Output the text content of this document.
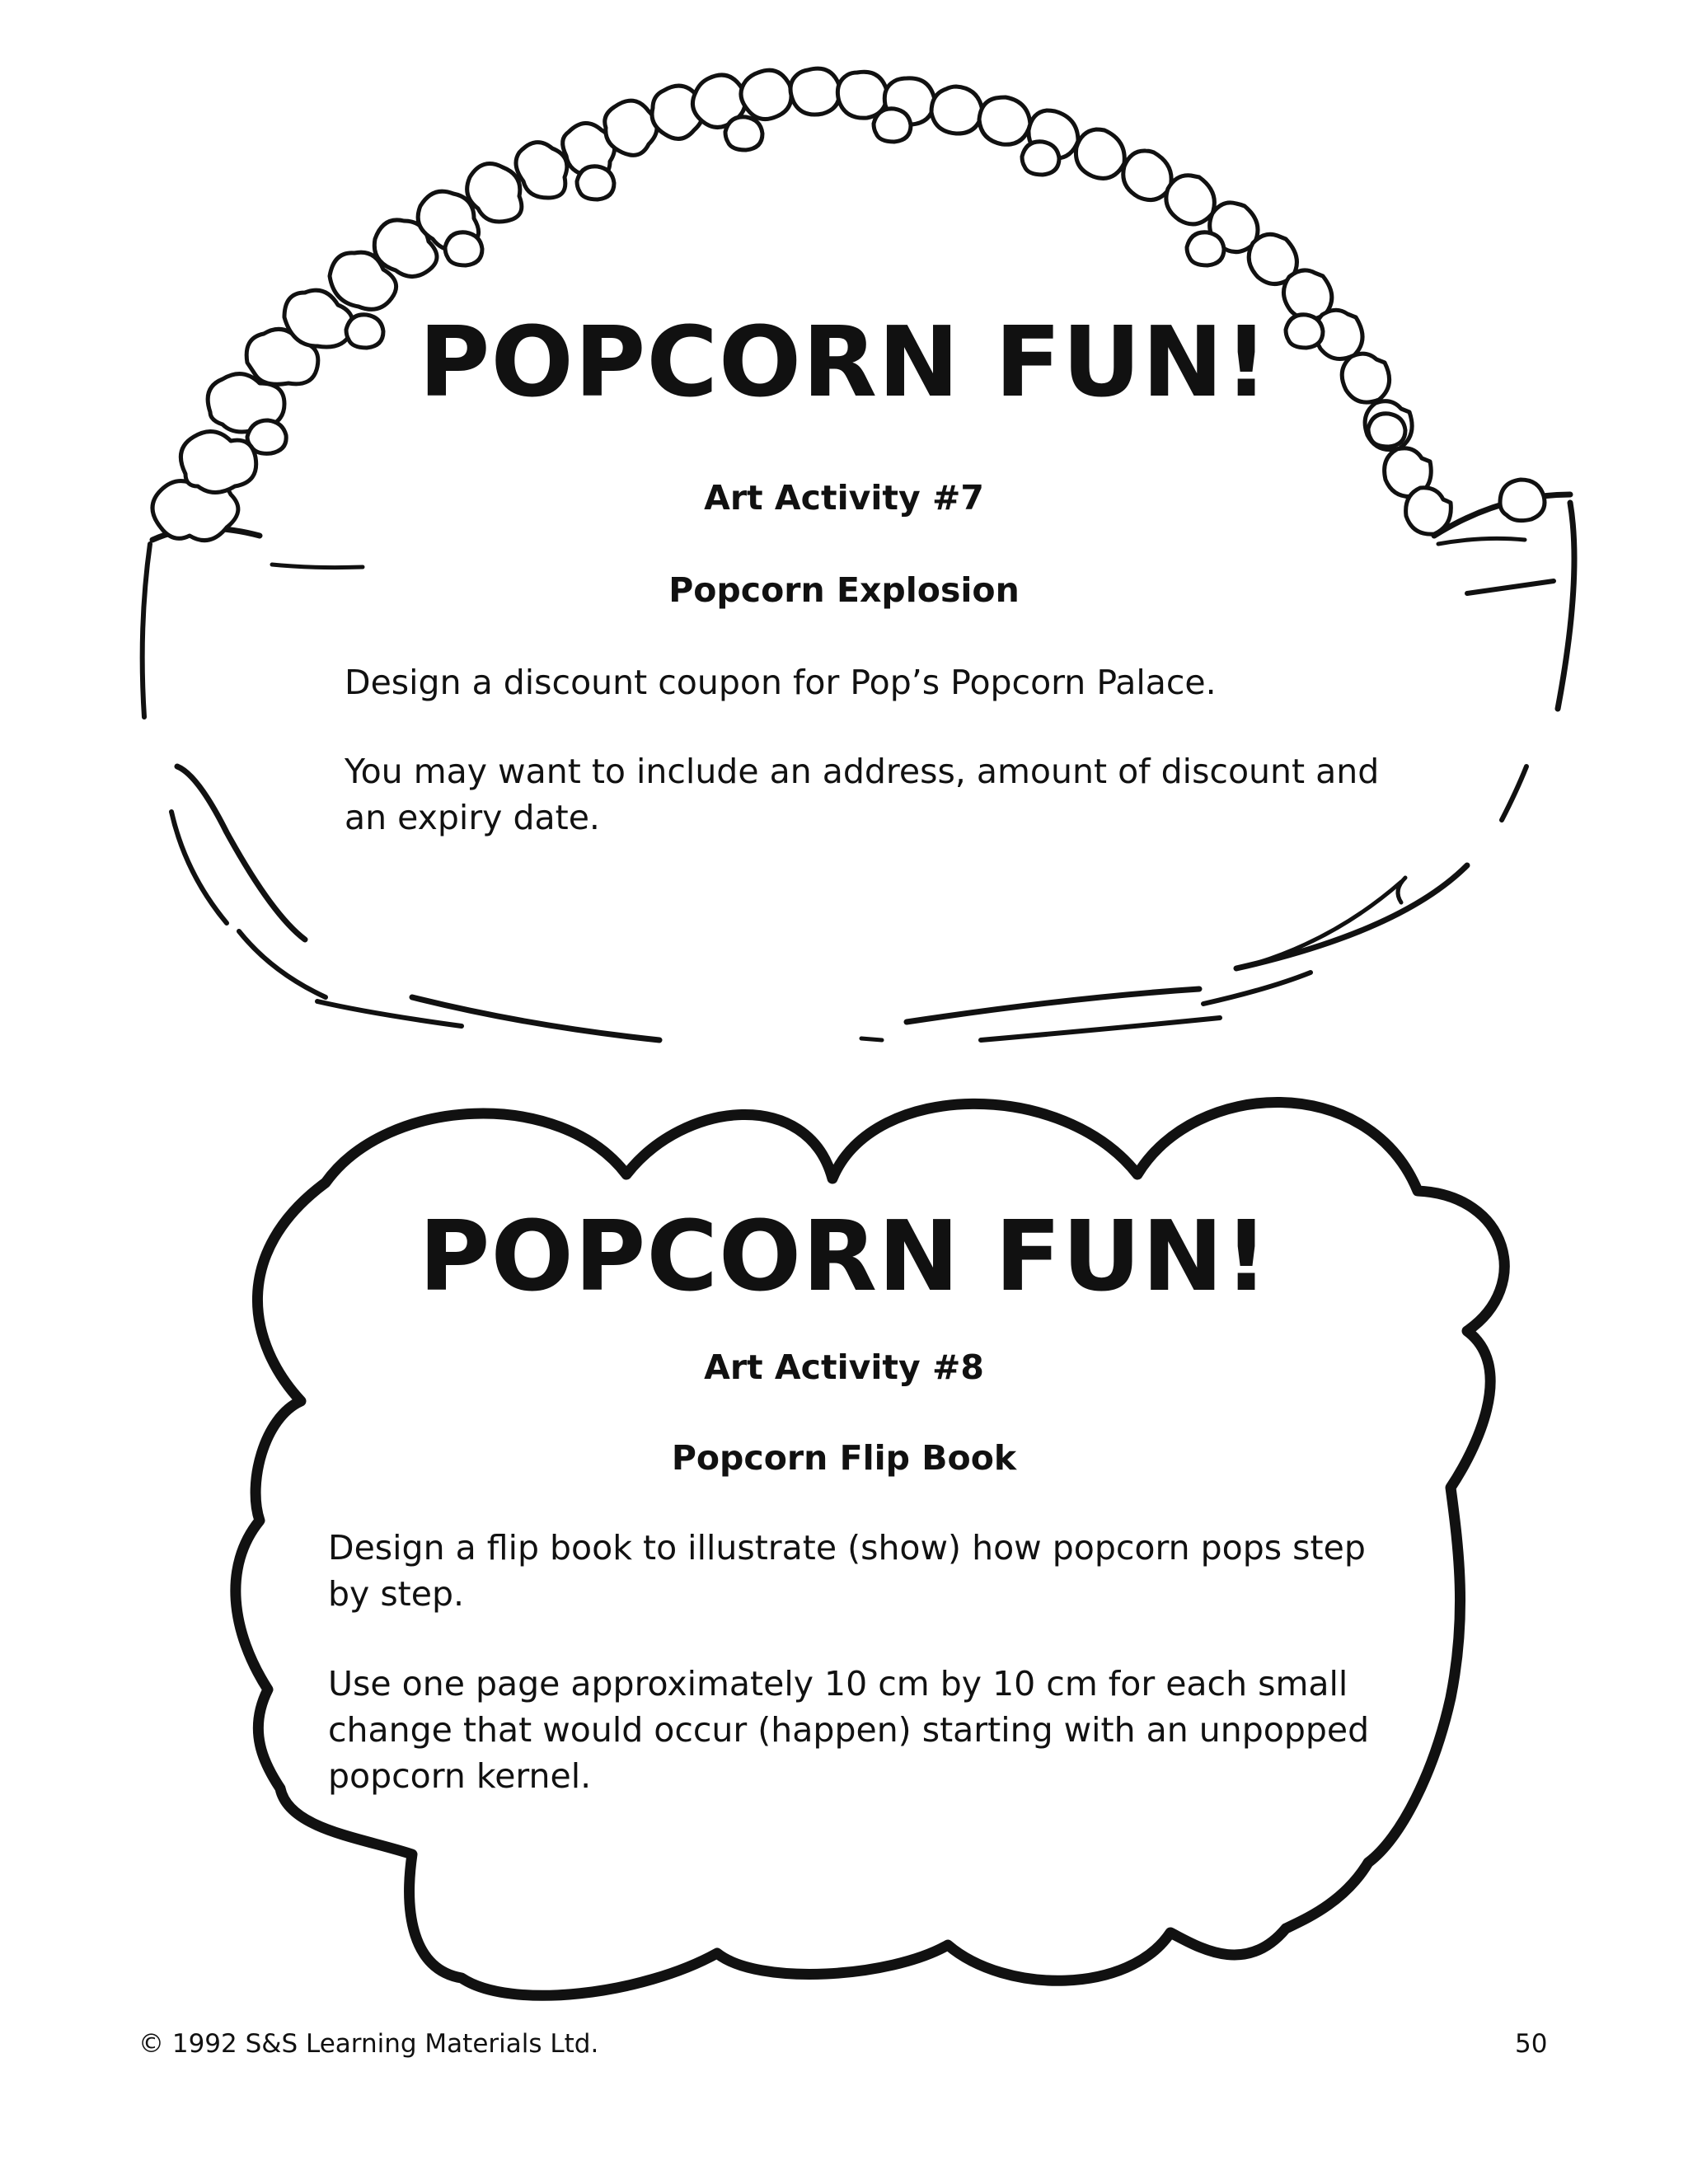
POPCORN FUN!
Art Activity #7
Popcorn Explosion

Design a discount coupon for Pop’s Popcorn Palace.

You may want to include an address, amount of discount and an expiry date.

POPCORN FUN!
Art Activity #8
Popcorn Flip Book

Design a flip book to illustrate (show) how popcorn pops step by step.

Use one page approximately 10 cm by 10 cm for each small change that would occur (happen) starting with an unpopped popcorn kernel.

© 1992 S&S Learning Materials Ltd.	50
